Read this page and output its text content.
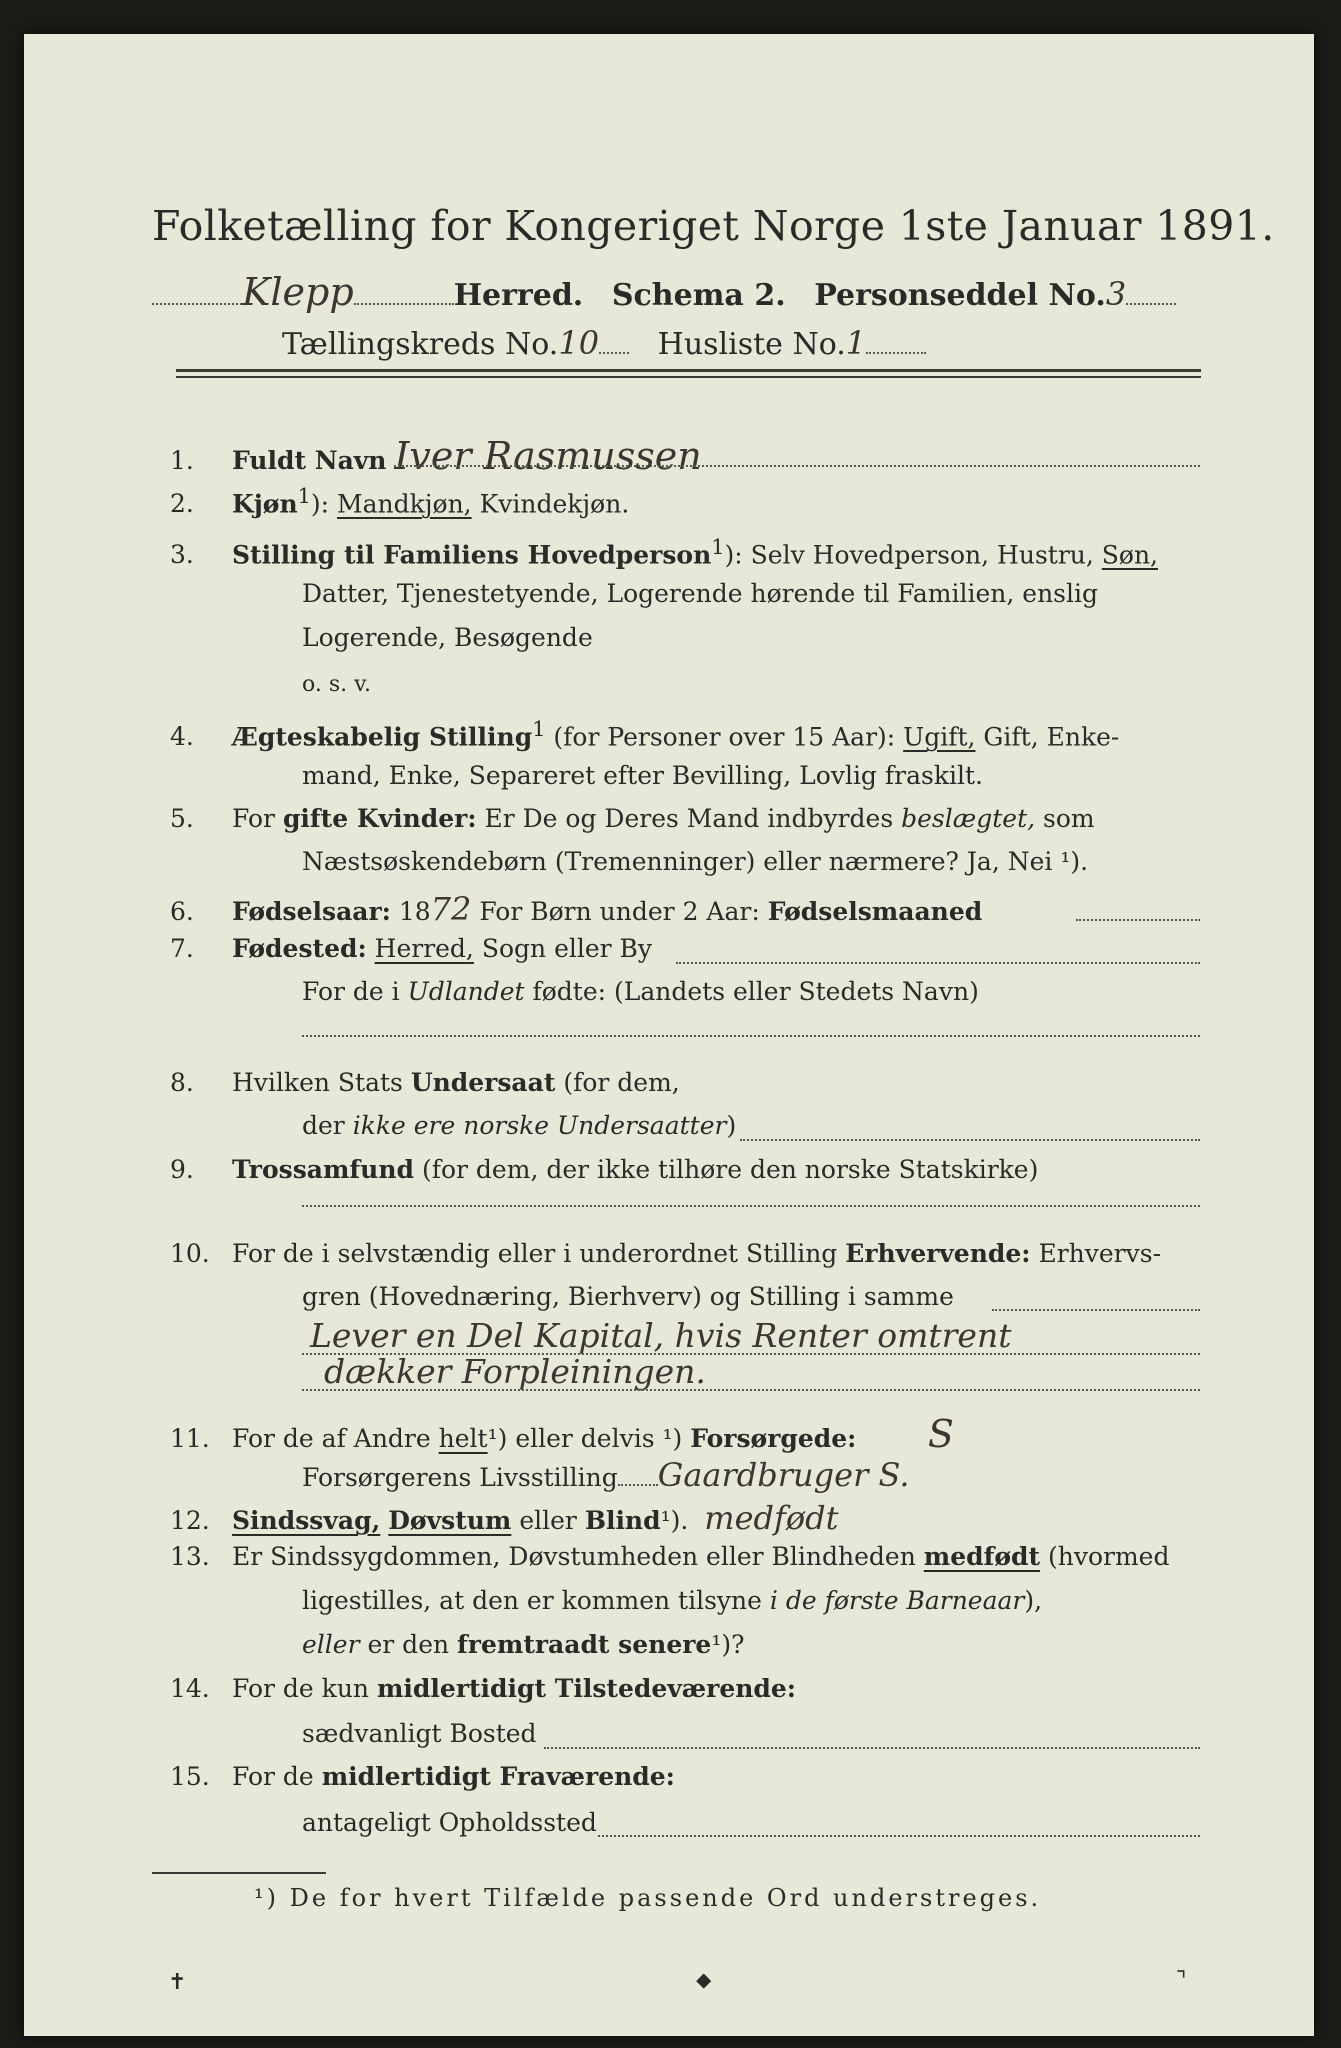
Folketælling for Kongeriget Norge 1ste Januar 1891.
Klepp	Herred. Schema 2. Personseddel No.3
Tællingskreds No.10 Husliste No.1
1. Fuldt Navn Iver Rasmussen
2. Kjøn$^1$): Mandkjøn, Kvindekjøn.
3. Stilling til Familiens Hovedperson$^1$): Selv Hovedperson, Hustru, Søn,
Datter, Tjenestetyende, Logerende hørende til Familien, enslig
Logerende, Besøgende
o. s. v.
4. Ægteskabelig Stilling$^1$ (for Personer over 15 Aar): Ugift, Gift, Enke-
mand, Enke, Separeret efter Bevilling, Lovlig fraskilt.
5. For gifte Kvinder: Er De og Deres Mand indbyrdes beslægtet, som
Næstsøskendebørn (Tremenninger) eller nærmere? Ja, Nei ¹).
6. Fødselsaar: 1872 For Børn under 2 Aar: Fødselsmaaned
7. Fødested: Herred, Sogn eller By
For de i Udlandet fødte: (Landets eller Stedets Navn)
8. Hvilken Stats Undersaat (for dem,
der ikke ere norske Undersaatter)
9. Trossamfund (for dem, der ikke tilhøre den norske Statskirke)
10. For de i selvstændig eller i underordnet Stilling Erhvervende: Erhvervs-
gren (Hovednæring, Bierhverv) og Stilling i samme
Lever en Del Kapital, hvis Renter omtrent
dækker Forpleiningen.
11. For de af Andre helt¹) eller delvis ¹) Forsørgede: S
Forsørgerens Livsstilling Gaardbruger S.
12. Sindssvag, Døvstum eller Blind¹). medfødt
13. Er Sindssygdommen, Døvstumheden eller Blindheden medfødt (hvormed
ligestilles, at den er kommen tilsyne i de første Barneaar),
eller er den fremtraadt senere¹)?
14. For de kun midlertidigt Tilstedeværende:
sædvanligt Bosted
15. For de midlertidigt Fraværende:
antageligt Opholdssted
¹) De for hvert Tilfælde passende Ord understreges.
✝	⬥	⌝
